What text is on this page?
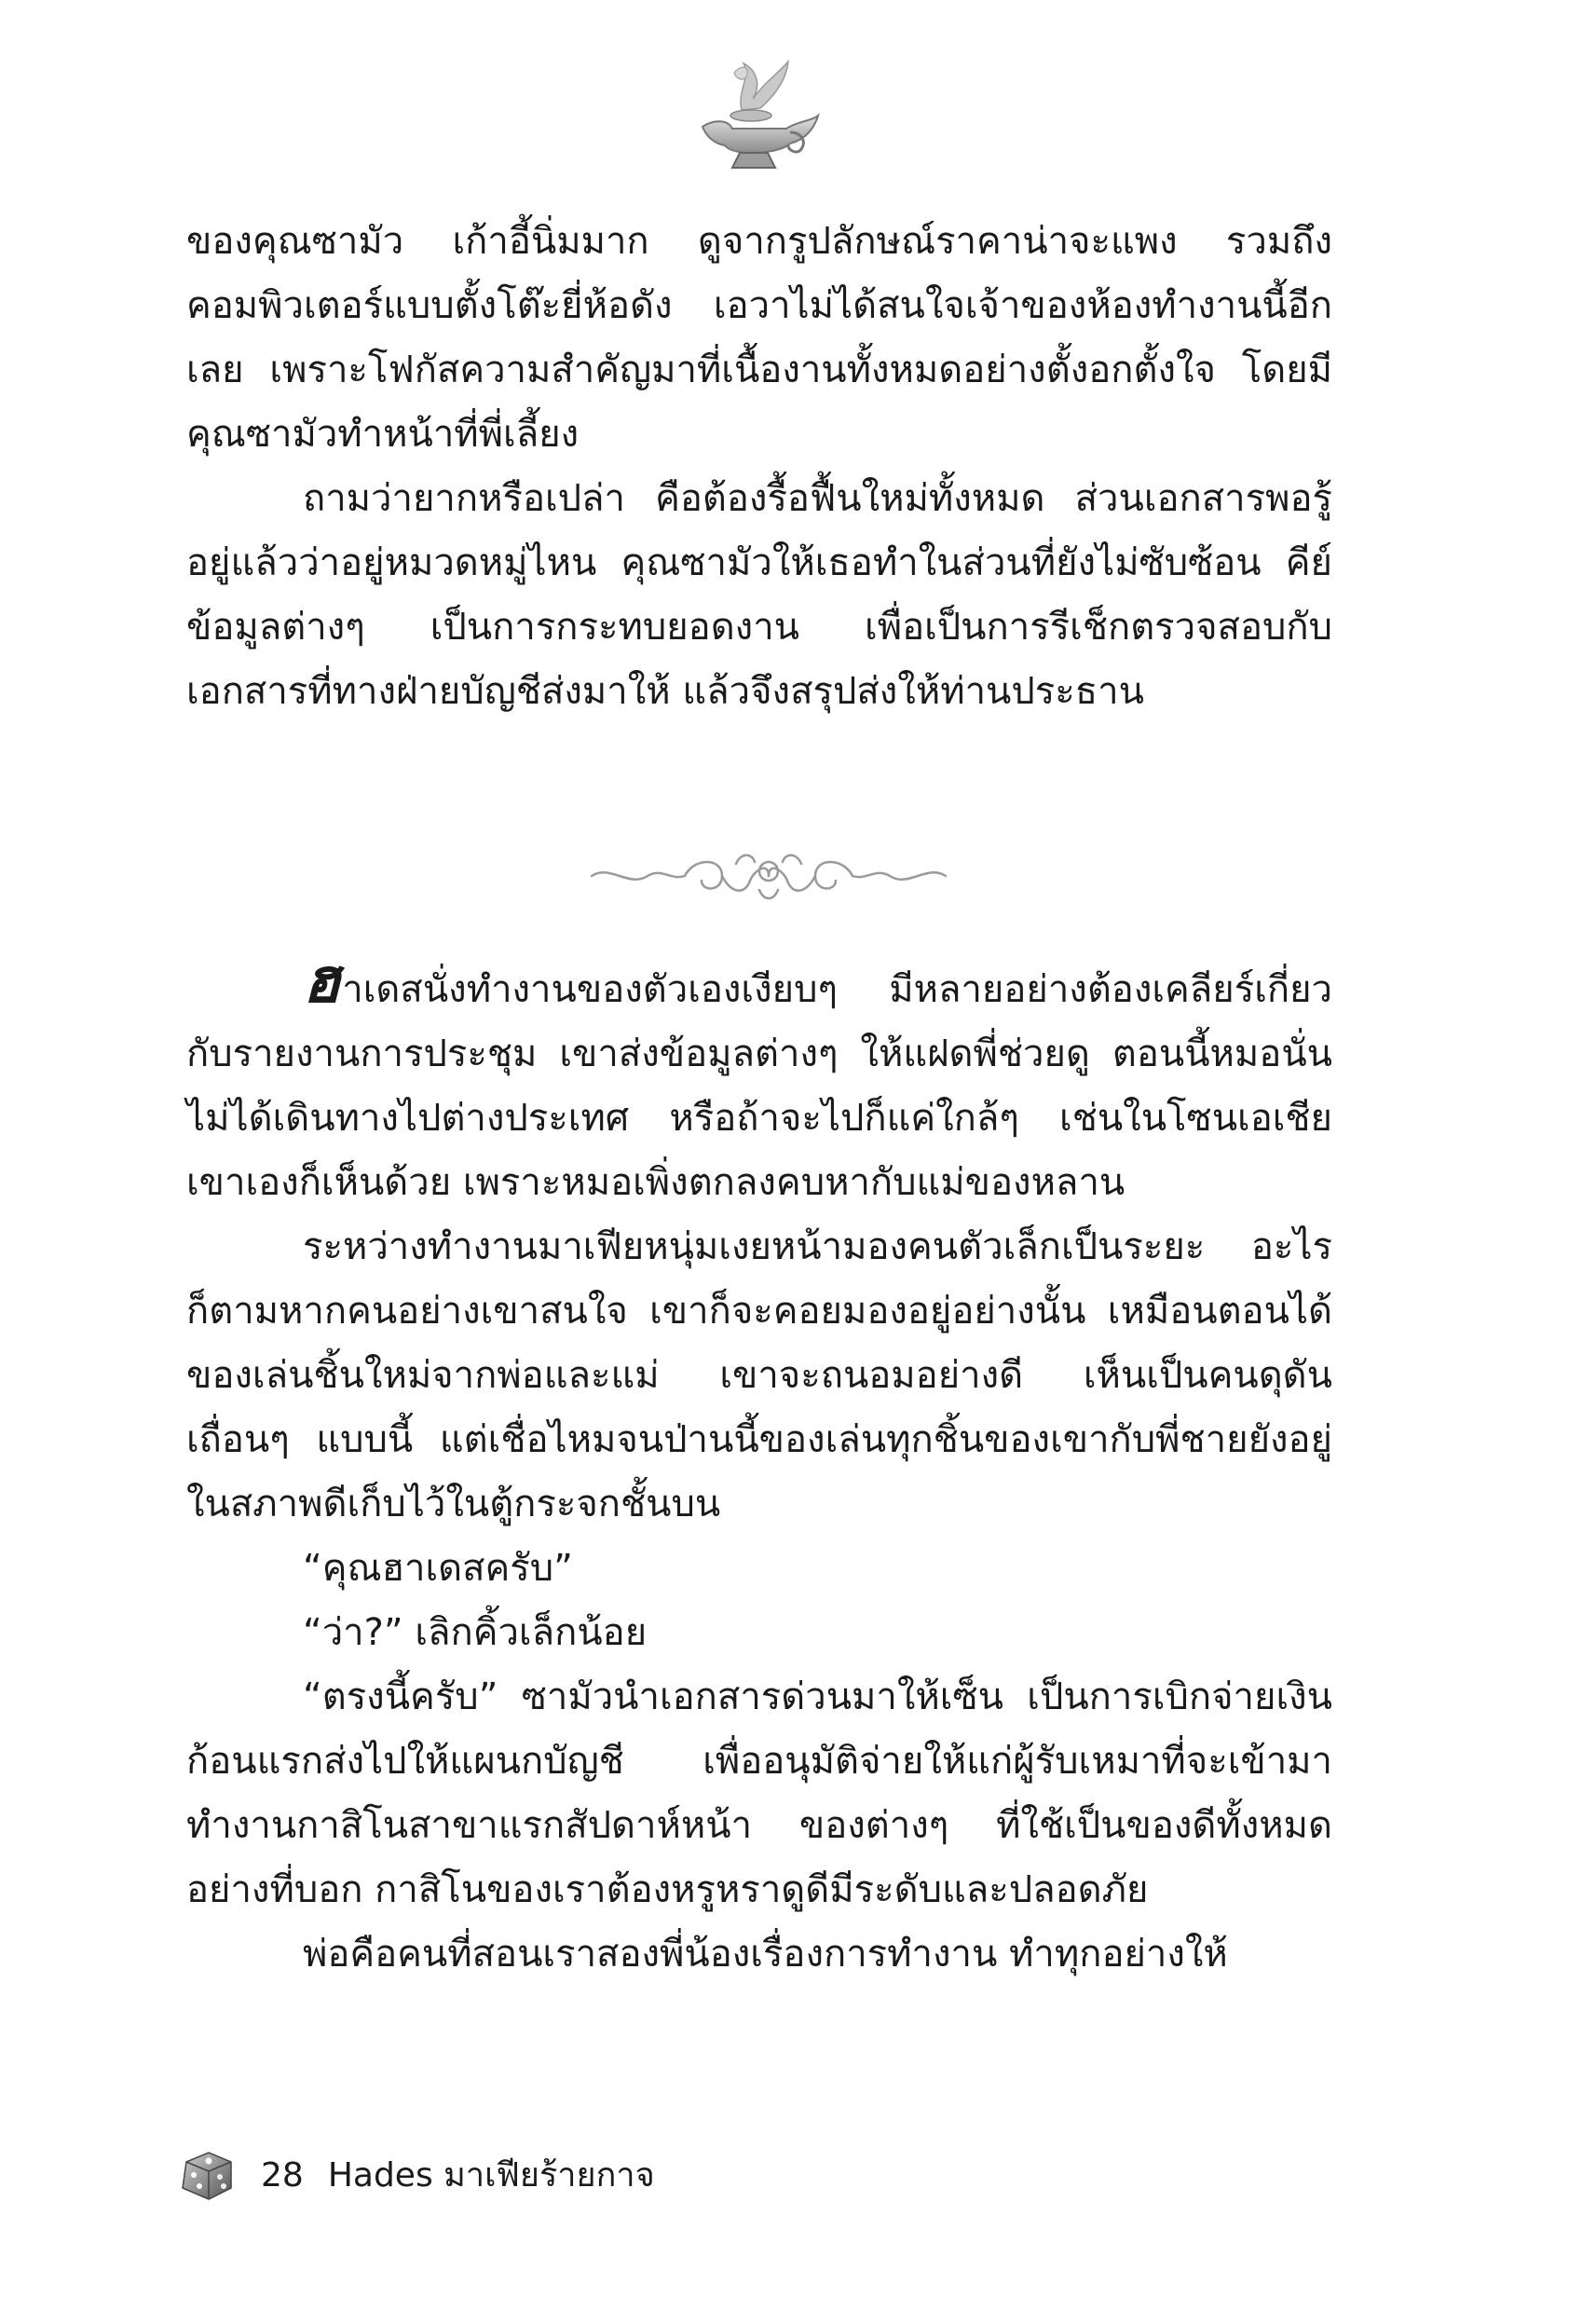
ของคุณซามัว เก้าอี้นิ่มมาก ดูจากรูปลักษณ์ราคาน่าจะแพง รวมถึงคอมพิวเตอร์แบบตั้งโต๊ะยี่ห้อดัง เอวาไม่ได้สนใจเจ้าของห้องทำงานนี้อีกเลย เพราะโฟกัสความสำคัญมาที่เนื้องานทั้งหมดอย่างตั้งอกตั้งใจ โดยมีคุณซามัวทำหน้าที่พี่เลี้ยง

ถามว่ายากหรือเปล่า คือต้องรื้อฟื้นใหม่ทั้งหมด ส่วนเอกสารพอรู้อยู่แล้วว่าอยู่หมวดหมู่ไหน คุณซามัวให้เธอทำในส่วนที่ยังไม่ซับซ้อน คีย์ข้อมูลต่างๆ เป็นการกระทบยอดงาน เพื่อเป็นการรีเช็กตรวจสอบกับเอกสารที่ทางฝ่ายบัญชีส่งมาให้ แล้วจึงสรุปส่งให้ท่านประธาน

ฮาเดสนั่งทำงานของตัวเองเงียบๆ มีหลายอย่างต้องเคลียร์เกี่ยวกับรายงานการประชุม เขาส่งข้อมูลต่างๆ ให้แฝดพี่ช่วยดู ตอนนี้หมอนั่นไม่ได้เดินทางไปต่างประเทศ หรือถ้าจะไปก็แค่ใกล้ๆ เช่นในโซนเอเชีย เขาเองก็เห็นด้วย เพราะหมอเพิ่งตกลงคบหากับแม่ของหลาน

ระหว่างทำงานมาเฟียหนุ่มเงยหน้ามองคนตัวเล็กเป็นระยะ อะไรก็ตามหากคนอย่างเขาสนใจ เขาก็จะคอยมองอยู่อย่างนั้น เหมือนตอนได้ของเล่นชิ้นใหม่จากพ่อและแม่ เขาจะถนอมอย่างดี เห็นเป็นคนดุดันเถื่อนๆ แบบนี้ แต่เชื่อไหมจนป่านนี้ของเล่นทุกชิ้นของเขากับพี่ชายยังอยู่ในสภาพดีเก็บไว้ในตู้กระจกชั้นบน

“คุณฮาเดสครับ”

“ว่า?” เลิกคิ้วเล็กน้อย

“ตรงนี้ครับ” ซามัวนำเอกสารด่วนมาให้เซ็น เป็นการเบิกจ่ายเงินก้อนแรกส่งไปให้แผนกบัญชี เพื่ออนุมัติจ่ายให้แก่ผู้รับเหมาที่จะเข้ามาทำงานกาสิโนสาขาแรกสัปดาห์หน้า ของต่างๆ ที่ใช้เป็นของดีทั้งหมดอย่างที่บอก กาสิโนของเราต้องหรูหราดูดีมีระดับและปลอดภัย

พ่อคือคนที่สอนเราสองพี่น้องเรื่องการทำงาน ทำทุกอย่างให้

28 Hades มาเฟียร้ายกาจ
